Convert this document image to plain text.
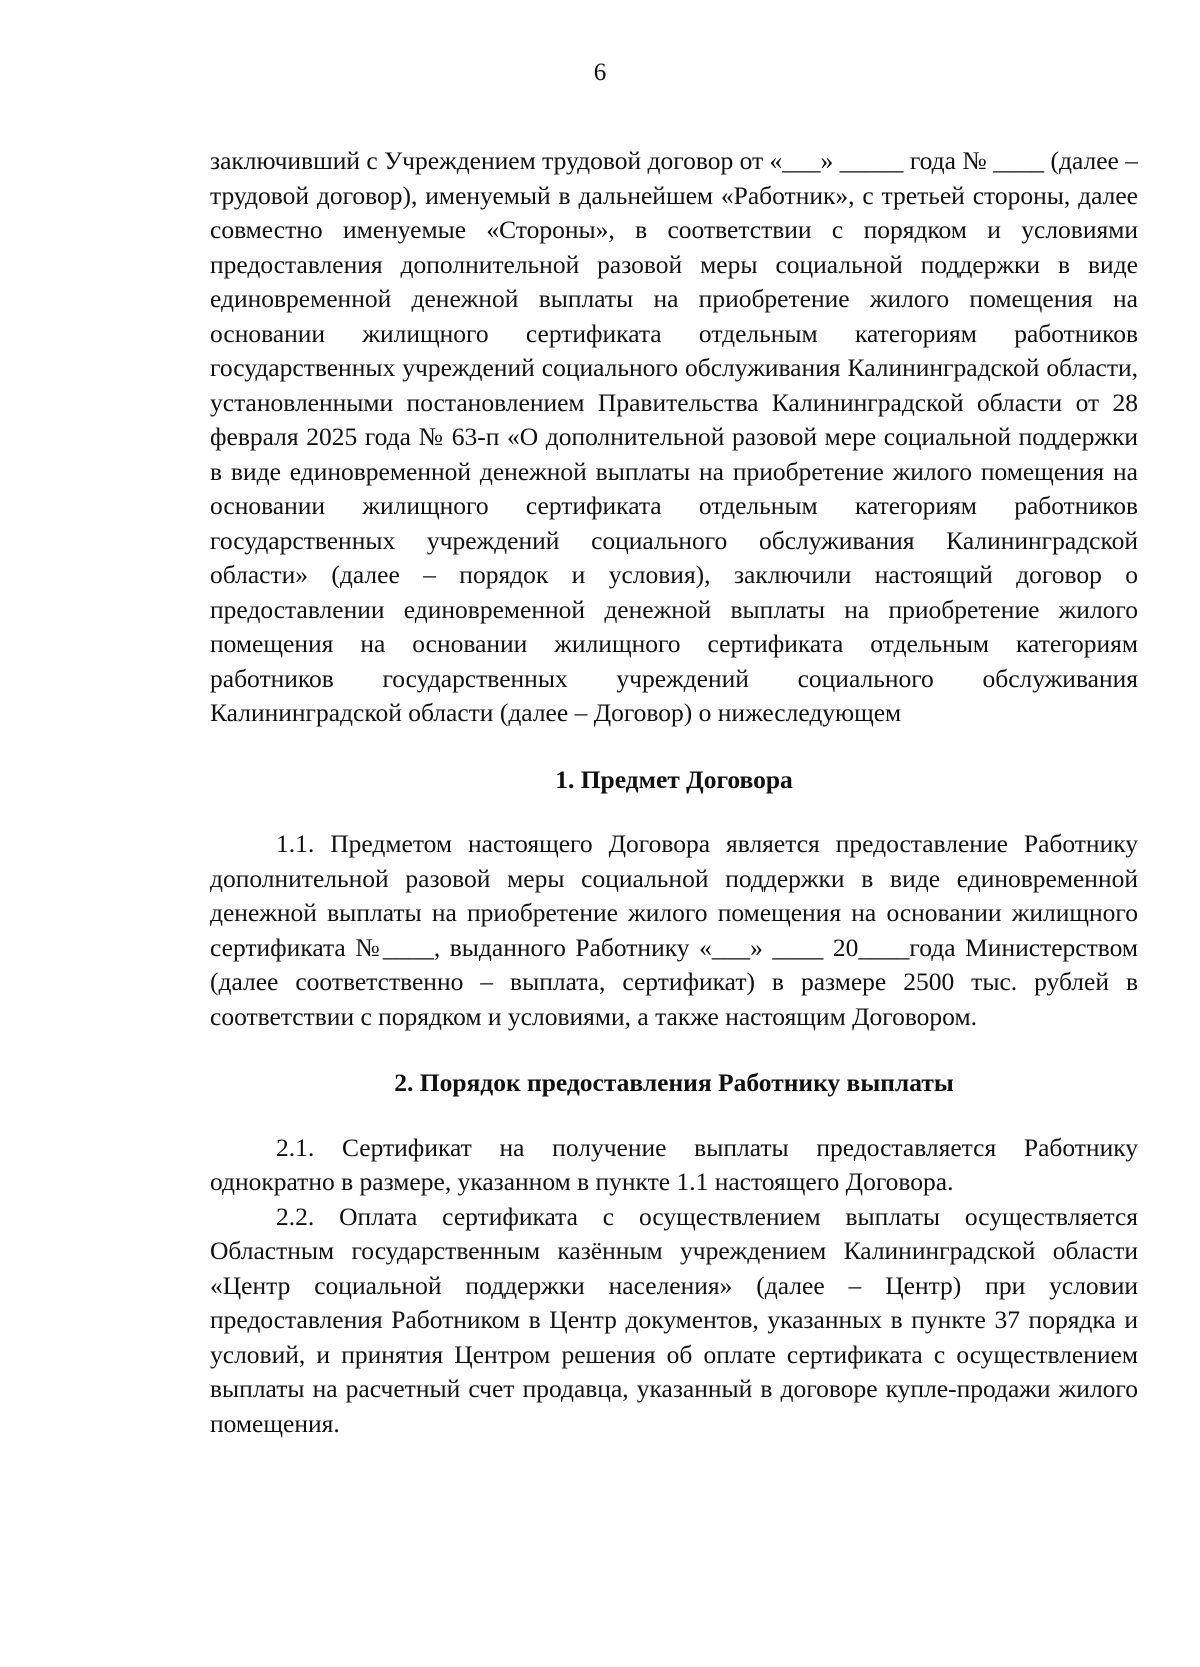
6

заключивший с Учреждением трудовой договор от «___» _____ года № ____ (далее – трудовой договор), именуемый в дальнейшем «Работник», с третьей стороны, далее совместно именуемые «Стороны», в соответствии с порядком и условиями предоставления дополнительной разовой меры социальной поддержки в виде единовременной денежной выплаты на приобретение жилого помещения на основании жилищного сертификата отдельным категориям работников государственных учреждений социального обслуживания Калининградской области, установленными постановлением Правительства Калининградской области от 28 февраля 2025 года № 63-п «О дополнительной разовой мере социальной поддержки в виде единовременной денежной выплаты на приобретение жилого помещения на основании жилищного сертификата отдельным категориям работников государственных учреждений социального обслуживания Калининградской области» (далее – порядок и условия), заключили настоящий договор о предоставлении единовременной денежной выплаты на приобретение жилого помещения на основании жилищного сертификата отдельным категориям работников государственных учреждений социального обслуживания Калининградской области (далее – Договор) о нижеследующем

1. Предмет Договора

1.1. Предметом настоящего Договора является предоставление Работнику дополнительной разовой меры социальной поддержки в виде единовременной денежной выплаты на приобретение жилого помещения на основании жилищного сертификата №____, выданного Работнику «___» ____ 20____года Министерством (далее соответственно – выплата, сертификат) в размере 2500 тыс. рублей в соответствии с порядком и условиями, а также настоящим Договором.

2. Порядок предоставления Работнику выплаты

2.1. Сертификат на получение выплаты предоставляется Работнику однократно в размере, указанном в пункте 1.1 настоящего Договора.

2.2. Оплата сертификата с осуществлением выплаты осуществляется Областным государственным казённым учреждением Калининградской области «Центр социальной поддержки населения» (далее – Центр) при условии предоставления Работником в Центр документов, указанных в пункте 37 порядка и условий, и принятия Центром решения об оплате сертификата с осуществлением выплаты на расчетный счет продавца, указанный в договоре купле-продажи жилого помещения.
